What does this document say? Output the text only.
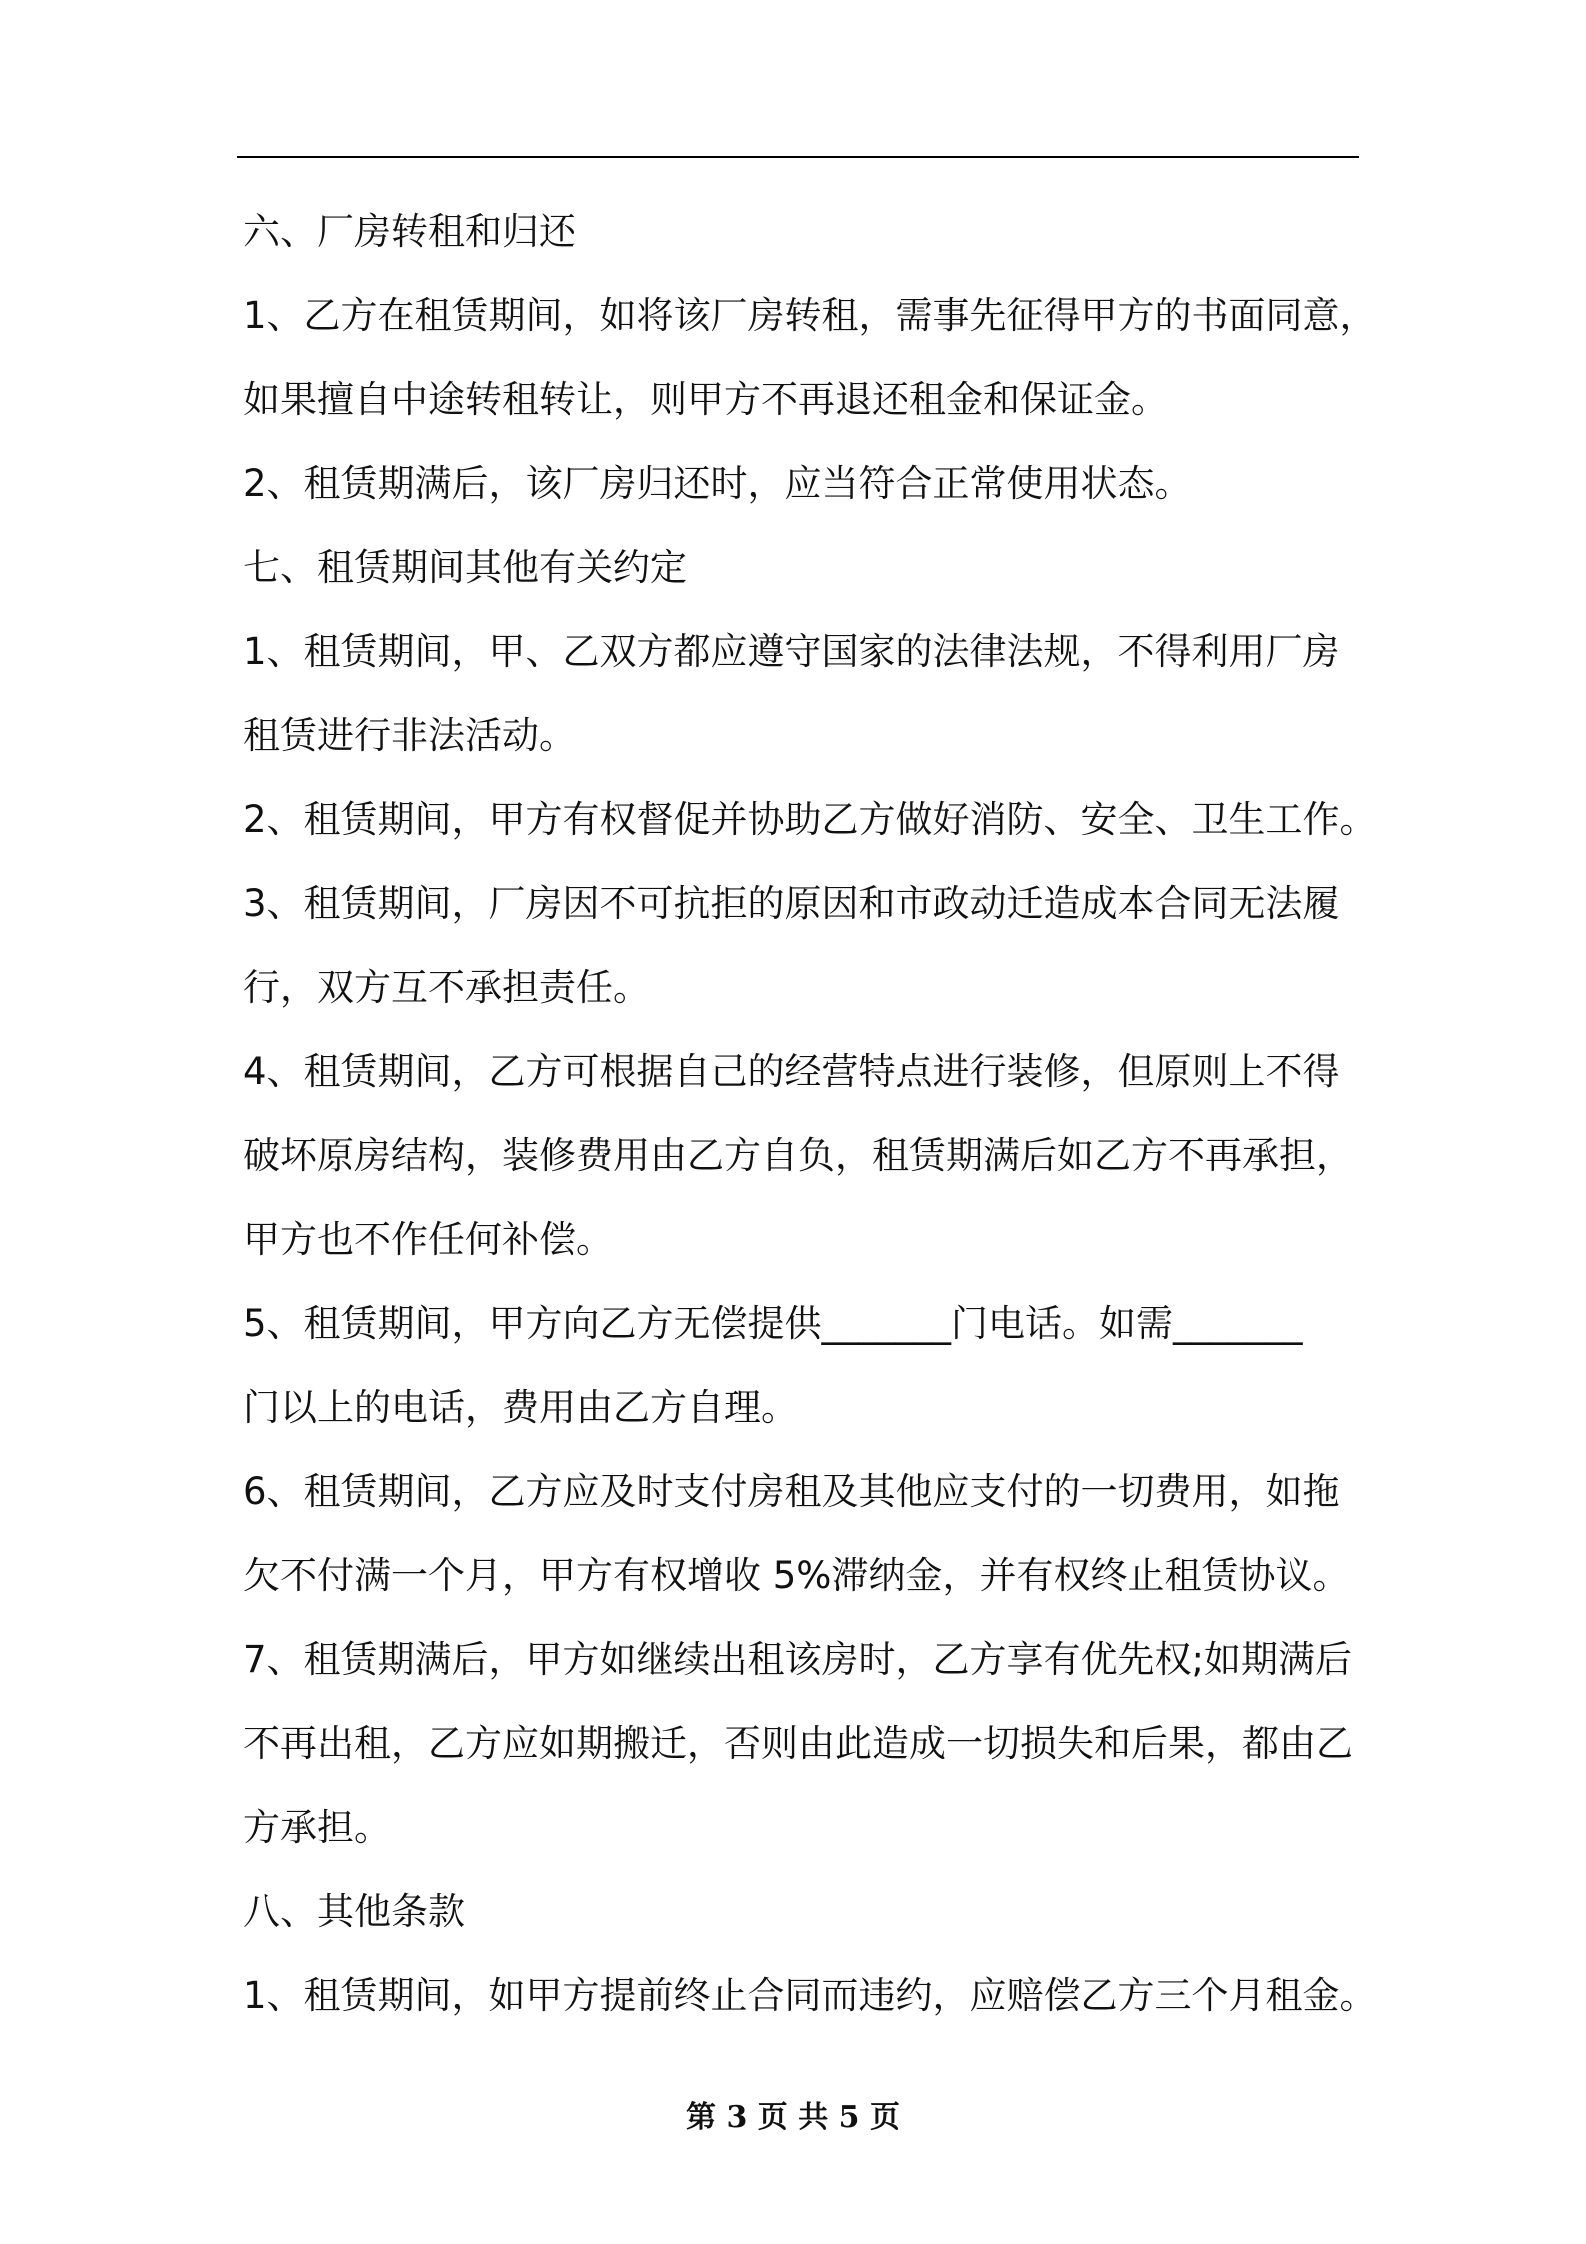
六、厂房转租和归还
1、乙方在租赁期间，如将该厂房转租，需事先征得甲方的书面同意，
如果擅自中途转租转让，则甲方不再退还租金和保证金。
2、租赁期满后，该厂房归还时，应当符合正常使用状态。
七、租赁期间其他有关约定
1、租赁期间，甲、乙双方都应遵守国家的法律法规，不得利用厂房
租赁进行非法活动。
2、租赁期间，甲方有权督促并协助乙方做好消防、安全、卫生工作。
3、租赁期间，厂房因不可抗拒的原因和市政动迁造成本合同无法履
行，双方互不承担责任。
4、租赁期间，乙方可根据自己的经营特点进行装修，但原则上不得
破坏原房结构，装修费用由乙方自负，租赁期满后如乙方不再承担，
甲方也不作任何补偿。
5、租赁期间，甲方向乙方无偿提供_______门电话。如需_______
门以上的电话，费用由乙方自理。
6、租赁期间，乙方应及时支付房租及其他应支付的一切费用，如拖
欠不付满一个月，甲方有权增收 5%滞纳金，并有权终止租赁协议。
7、租赁期满后，甲方如继续出租该房时，乙方享有优先权;如期满后
不再出租，乙方应如期搬迁，否则由此造成一切损失和后果，都由乙
方承担。
八、其他条款
1、租赁期间，如甲方提前终止合同而违约，应赔偿乙方三个月租金。
第 3 页 共 5 页
